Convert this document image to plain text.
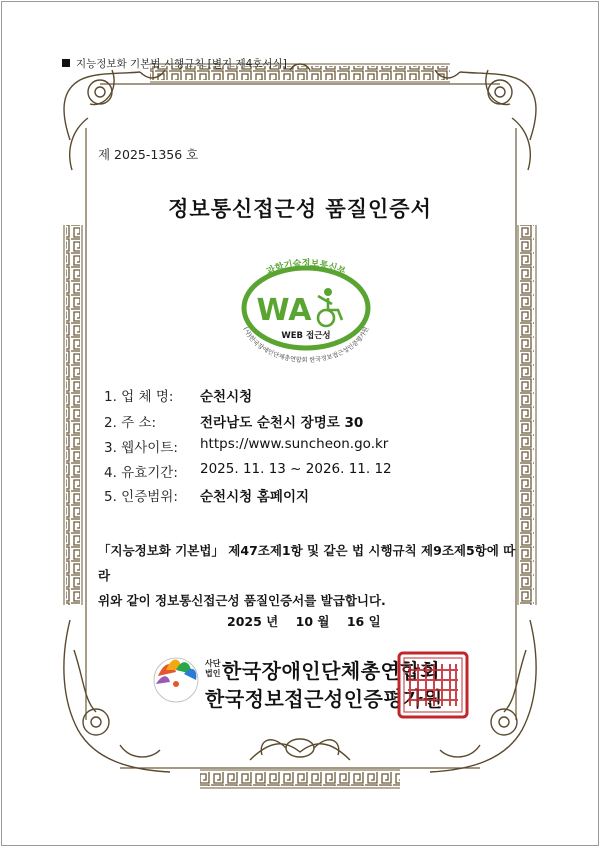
지능정보화 기본법 시행규칙 [별지 제4호서식]
제 2025-1356 호
정보통신접근성 품질인증서
과학기술정보통신부
WA
WEB 접근성
(사)한국장애인단체총연합회 한국정보접근성인증평가원
1. 업 체 명:	순천시청
2. 주 소:	전라남도 순천시 장명로 30
3. 웹사이트:	https://www.suncheon.go.kr
4. 유효기간:	2025. 11. 13 ~ 2026. 11. 12
5. 인증범위:	순천시청 홈페이지
「지능정보화 기본법」 제47조제1항 및 같은 법 시행규칙 제9조제5항에 따라
위와 같이 정보통신접근성 품질인증서를 발급합니다.
2025 년    10 월    16 일
사단
법인 한국장애인단체총연합회
한국정보접근성인증평가원
